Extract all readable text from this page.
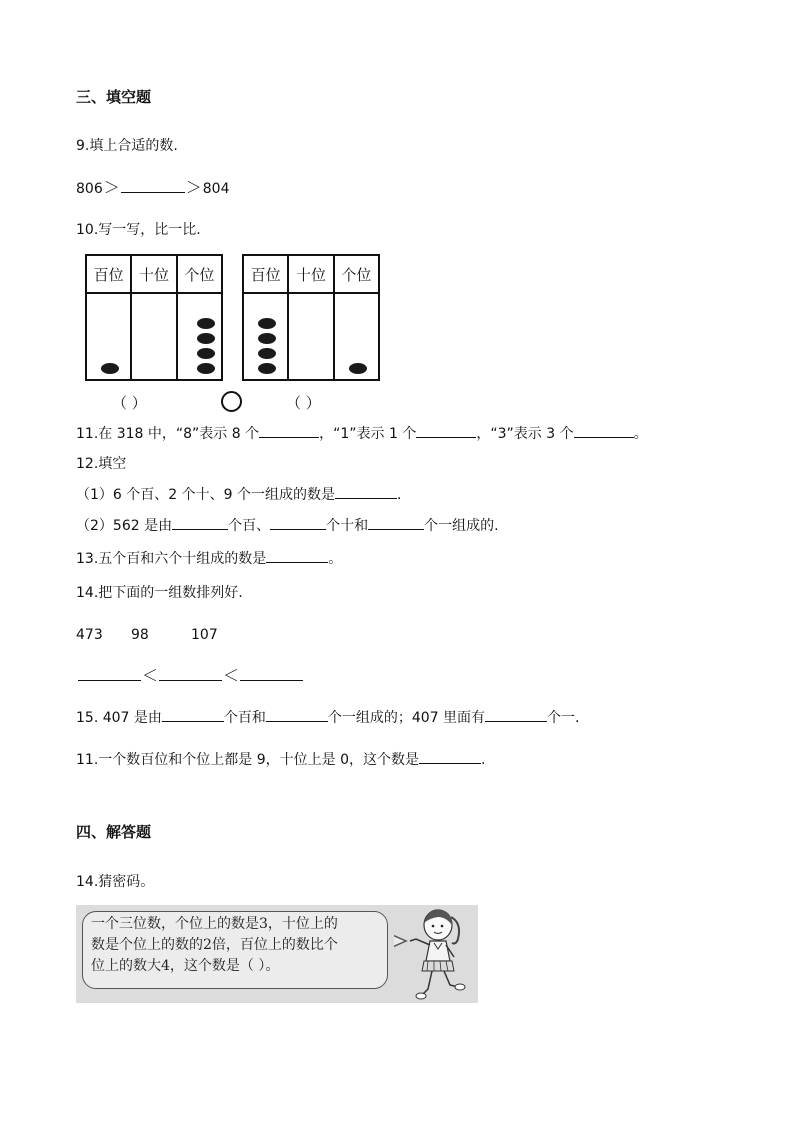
三、填空题
9.填上合适的数.
806＞	＞804
10.写一写，比一比.
百位	十位	个位

		百位	十位	个位

（ ）	（ ）
11.在 318 中，“8”表示 8 个	，“1”表示 1 个	，“3”表示 3 个	。
12.填空
（1）6 个百、2 个十、9 个一组成的数是	.
（2）562 是由	个百、	个十和	个一组成的.
13.五个百和六个十组成的数是	。
14.把下面的一组数排列好.
473 98	107
＜	＜
15. 407 是由	个百和	个一组成的；407 里面有	个一.
11.一个数百位和个位上都是 9，十位上是 0，这个数是	.
四、解答题
14.猜密码。
一个三位数，个位上的数是3，十位上的
数是个位上的数的2倍，百位上的数比个
位上的数大4，这个数是（ ）。
